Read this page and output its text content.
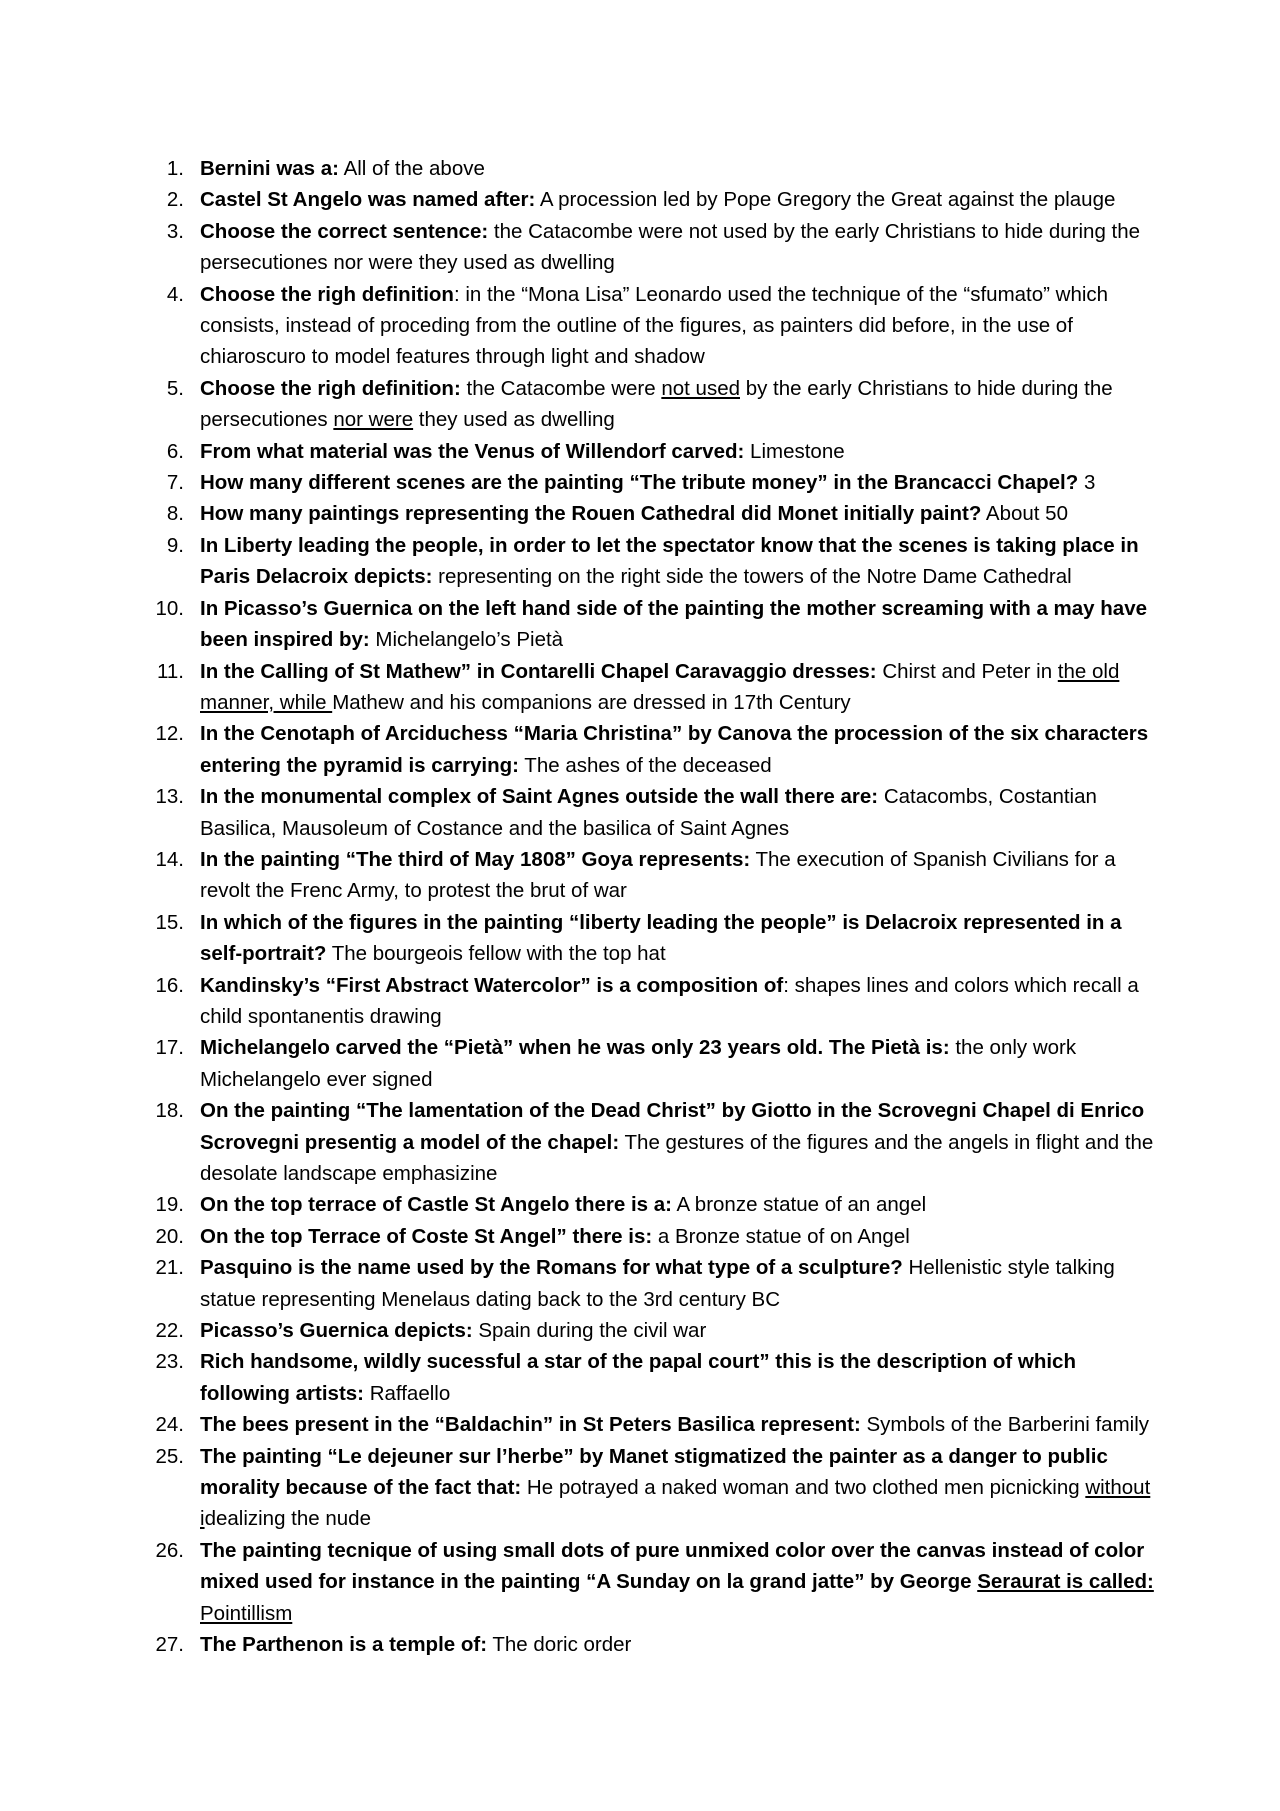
1. Bernini was a: All of the above
2. Castel St Angelo was named after: A procession led by Pope Gregory the Great against the plauge
3. Choose the correct sentence: the Catacombe were not used by the early Christians to hide during the persecutiones nor were they used as dwelling
4. Choose the righ definition: in the “Mona Lisa” Leonardo used the technique of the “sfumato” which consists, instead of proceding from the outline of the figures, as painters did before, in the use of chiaroscuro to model features through light and shadow
5. Choose the righ definition: the Catacombe were not used by the early Christians to hide during the persecutiones nor were they used as dwelling
6. From what material was the Venus of Willendorf carved: Limestone
7. How many different scenes are the painting “The tribute money” in the Brancacci Chapel? 3
8. How many paintings representing the Rouen Cathedral did Monet initially paint? About 50
9. In Liberty leading the people, in order to let the spectator know that the scenes is taking place in Paris Delacroix depicts: representing on the right side the towers of the Notre Dame Cathedral
10. In Picasso’s Guernica on the left hand side of the painting the mother screaming with a may have been inspired by: Michelangelo’s Pietà
11. In the Calling of St Mathew” in Contarelli Chapel Caravaggio dresses: Chirst and Peter in the old manner, while Mathew and his companions are dressed in 17th Century
12. In the Cenotaph of Arciduchess “Maria Christina” by Canova the procession of the six characters entering the pyramid is carrying: The ashes of the deceased
13. In the monumental complex of Saint Agnes outside the wall there are: Catacombs, Costantian Basilica, Mausoleum of Costance and the basilica of Saint Agnes
14. In the painting “The third of May 1808” Goya represents: The execution of Spanish Civilians for a revolt the Frenc Army, to protest the brut of war
15. In which of the figures in the painting “liberty leading the people” is Delacroix represented in a self-portrait? The bourgeois fellow with the top hat
16. Kandinsky’s “First Abstract Watercolor” is a composition of: shapes lines and colors which recall a child spontanentis drawing
17. Michelangelo carved the “Pietà” when he was only 23 years old. The Pietà is: the only work Michelangelo ever signed
18. On the painting “The lamentation of the Dead Christ” by Giotto in the Scrovegni Chapel di Enrico Scrovegni presentig a model of the chapel: The gestures of the figures and the angels in flight and the desolate landscape emphasizine
19. On the top terrace of Castle St Angelo there is a: A bronze statue of an angel
20. On the top Terrace of Coste St Angel” there is: a Bronze statue of on Angel
21. Pasquino is the name used by the Romans for what type of a sculpture? Hellenistic style talking statue representing Menelaus dating back to the 3rd century BC
22. Picasso’s Guernica depicts: Spain during the civil war
23. Rich handsome, wildly sucessful a star of the papal court” this is the description of which following artists: Raffaello
24. The bees present in the “Baldachin” in St Peters Basilica represent: Symbols of the Barberini family
25. The painting “Le dejeuner sur l’herbe” by Manet stigmatized the painter as a danger to public morality because of the fact that: He potrayed a naked woman and two clothed men picnicking without idealizing the nude
26. The painting tecnique of using small dots of pure unmixed color over the canvas instead of color mixed used for instance in the painting “A Sunday on la grand jatte” by George Seraurat is called: Pointillism
27. The Parthenon is a temple of: The doric order
